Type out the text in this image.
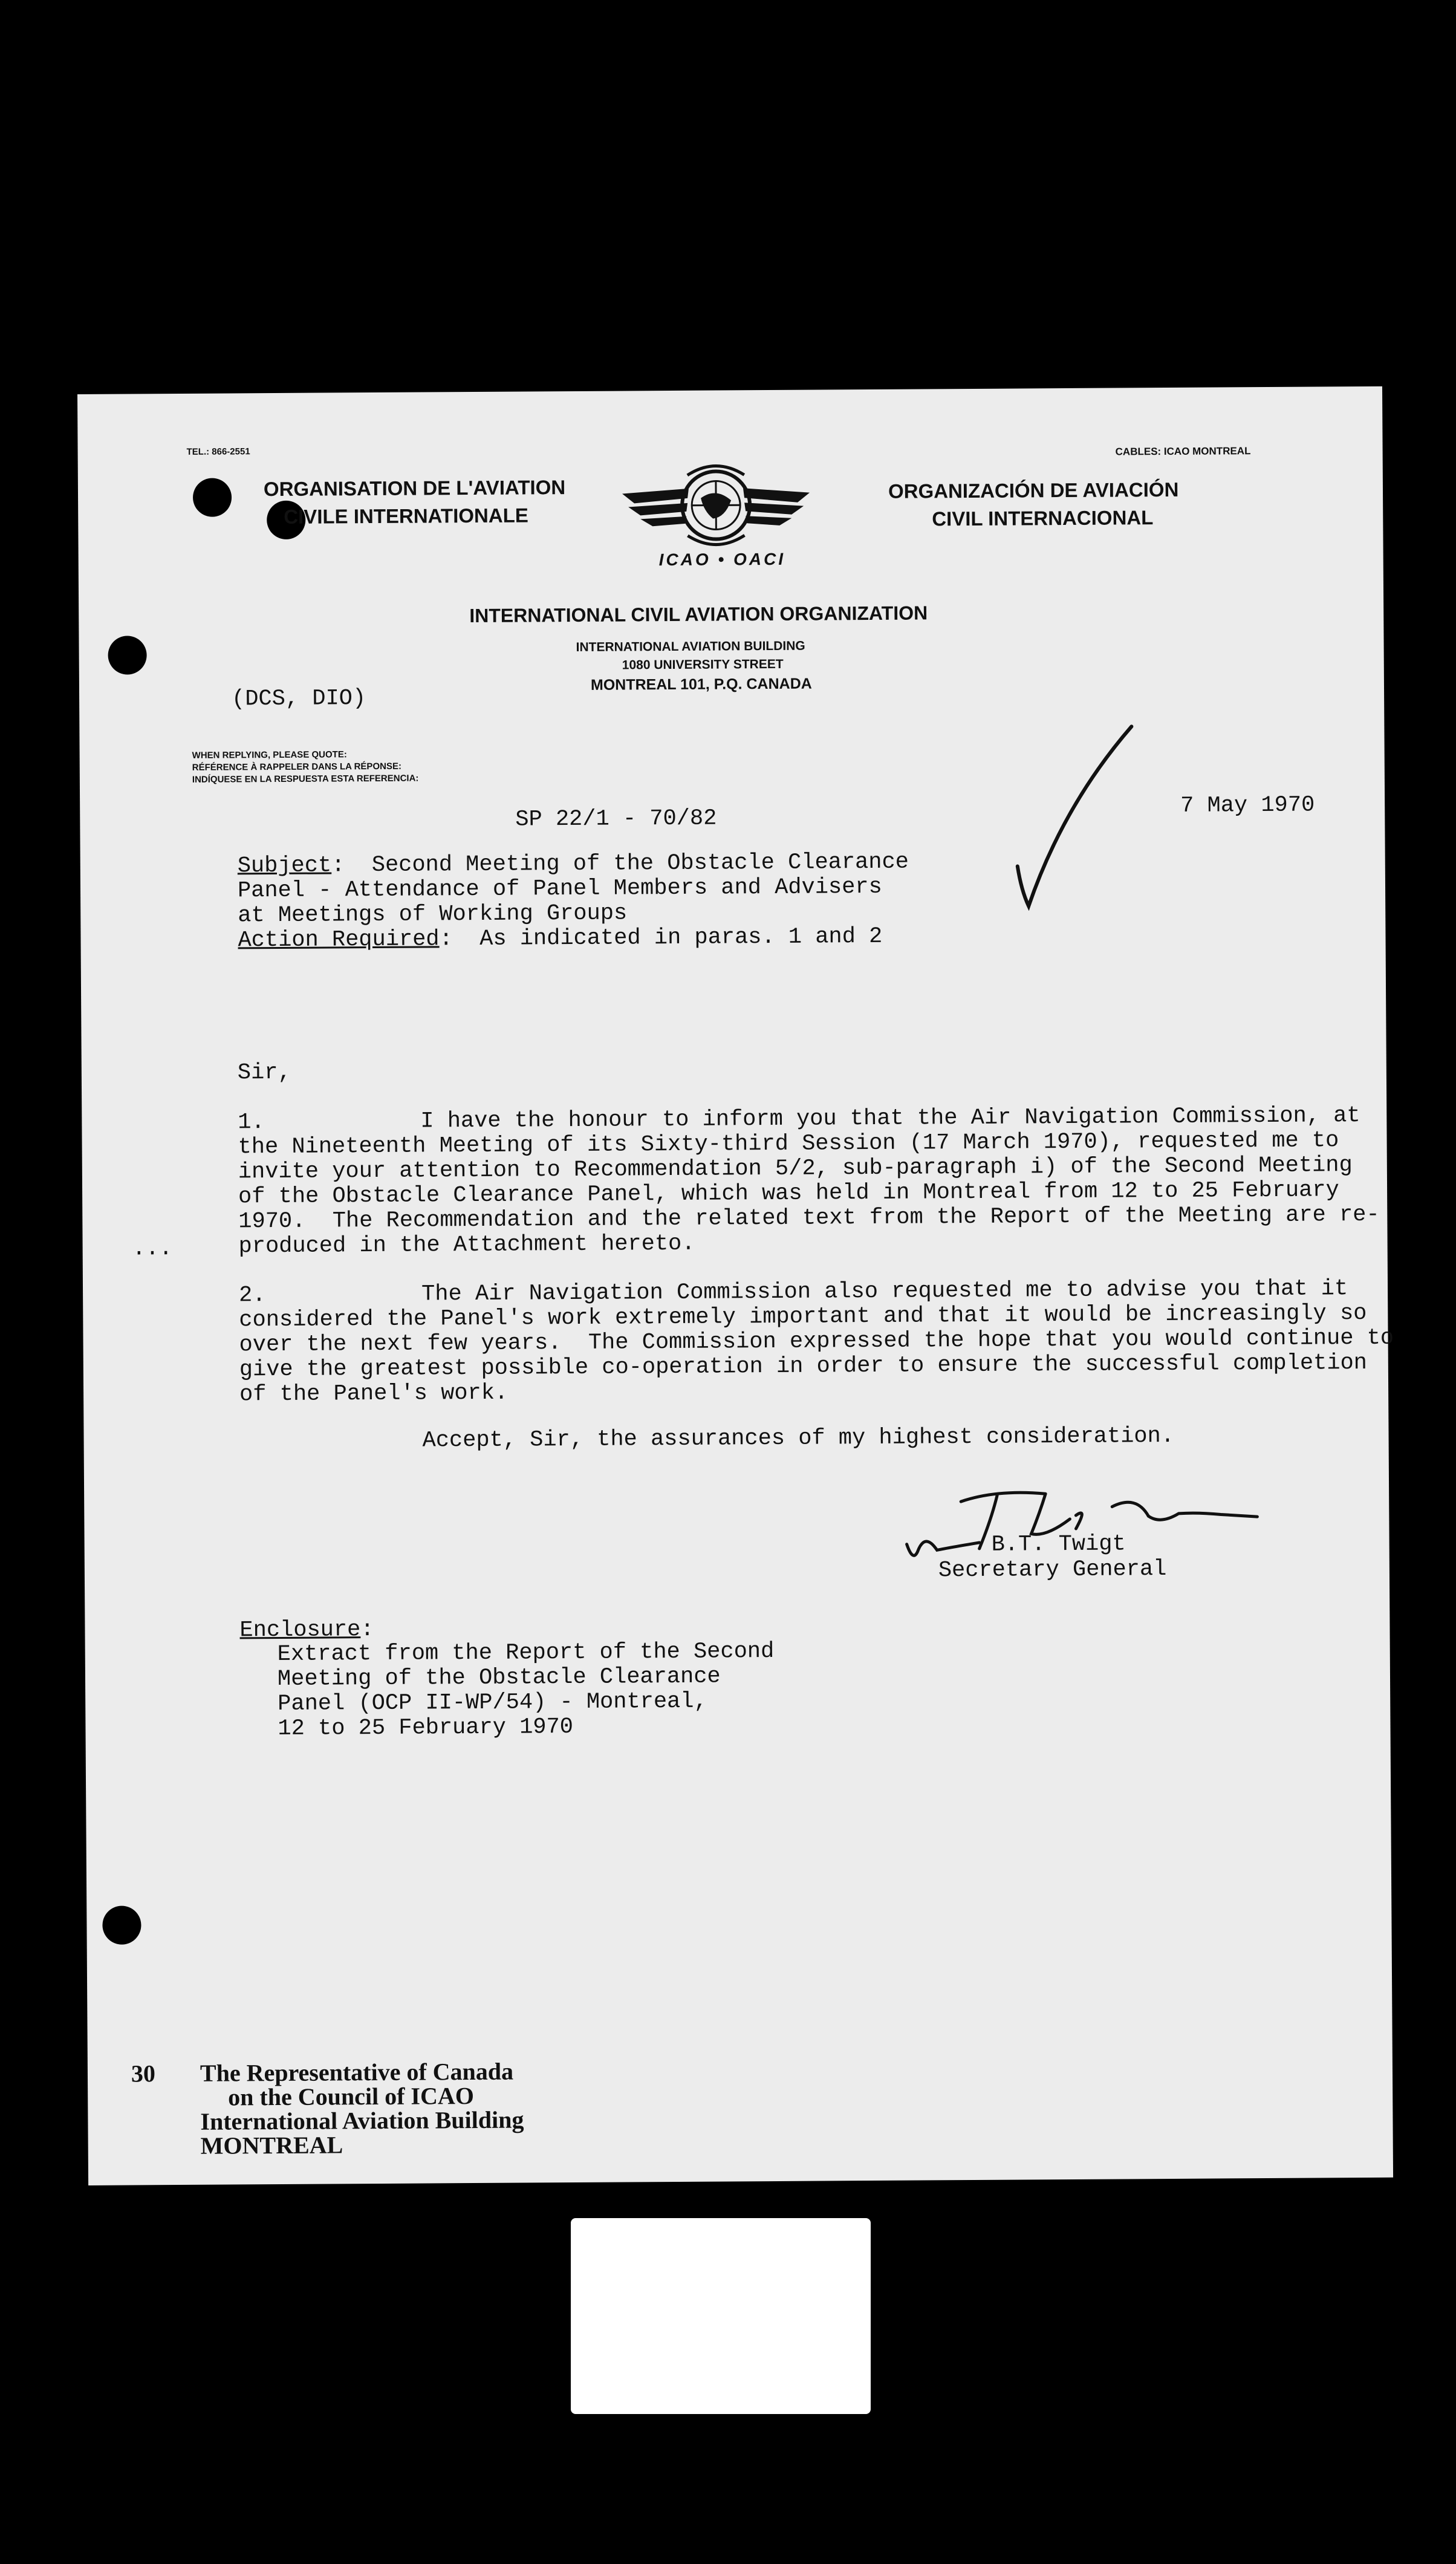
TEL.: 866-2551	CABLES: ICAO MONTREAL
ORGANISATION DE L'AVIATION
CIVILE INTERNATIONALE
ICAO • OACI
ORGANIZACIÓN DE AVIACIÓN
CIVIL INTERNACIONAL
INTERNATIONAL CIVIL AVIATION ORGANIZATION
INTERNATIONAL AVIATION BUILDING
1080 UNIVERSITY STREET
MONTREAL 101, P.Q. CANADA
(DCS, DIO)
WHEN REPLYING, PLEASE QUOTE:
RÉFÉRENCE À RAPPELER DANS LA RÉPONSE:
INDÍQUESE EN LA RESPUESTA ESTA REFERENCIA:
SP 22/1 - 70/82
7 May 1970
Subject:  Second Meeting of the Obstacle Clearance
Panel - Attendance of Panel Members and Advisers
at Meetings of Working Groups
Action Required:  As indicated in paras. 1 and 2
Sir,
1.	I have the honour to inform you that the Air Navigation Commission, at
the Nineteenth Meeting of its Sixty-third Session (17 March 1970), requested me to
invite your attention to Recommendation 5/2, sub-paragraph i) of the Second Meeting
of the Obstacle Clearance Panel, which was held in Montreal from 12 to 25 February
1970.  The Recommendation and the related text from the Report of the Meeting are re-
produced in the Attachment hereto.
...
2.	The Air Navigation Commission also requested me to advise you that it
considered the Panel's work extremely important and that it would be increasingly so
over the next few years.  The Commission expressed the hope that you would continue to
give the greatest possible co-operation in order to ensure the successful completion
of the Panel's work.
Accept, Sir, the assurances of my highest consideration.
B.T. Twigt
Secretary General
Enclosure:
Extract from the Report of the Second
Meeting of the Obstacle Clearance
Panel (OCP II-WP/54) - Montreal,
12 to 25 February 1970
30 The Representative of Canada
on the Council of ICAO
International Aviation Building
MONTREAL
